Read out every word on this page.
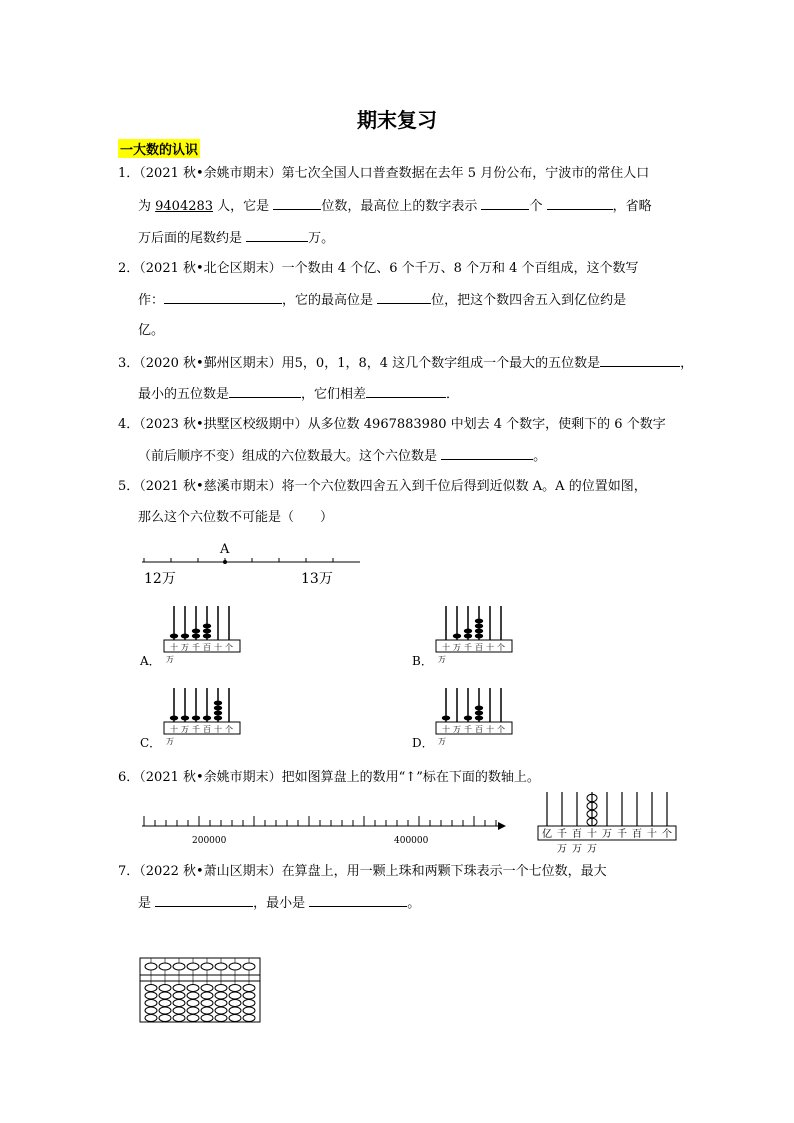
期末复习
一大数的认识
1．（2021 秋•余姚市期末）第七次全国人口普查数据在去年 5 月份公布，宁波市的常住人口
为 9404283 人，它是	位数，最高位上的数字表示	个	，省略
万后面的尾数约是	万。
2．（2021 秋•北仑区期末）一个数由 4 个亿、6 个千万、8 个万和 4 个百组成，这个数写
作：	，它的最高位是	位，把这个数四舍五入到亿位约是
亿。
3．（2020 秋•鄞州区期末）用5，0，1，8，4 这几个数字组成一个最大的五位数是	，
最小的五位数是	，它们相差	．
4．（2023 秋•拱墅区校级期中）从多位数 4967883980 中划去 4 个数字，使剩下的 6 个数字
（前后顺序不变）组成的六位数最大。这个六位数是	。
5．（2021 秋•慈溪市期末）将一个六位数四舍五入到千位后得到近似数 A。A 的位置如图，
那么这个六位数不可能是（　　）
A
12万	13万
A．
十 万 千 百 十 个
万	B．
十 万 千 百 十 个
万
C．
十 万 千 百 十 个
万	D．
十 万 千 百 十 个
万
6．（2021 秋•余姚市期末）把如图算盘上的数用“↑”标在下面的数轴上。
200000	400000
亿 千
万
百
万
十
万
万 千 百 十 个
7．（2022 秋•萧山区期末）在算盘上，用一颗上珠和两颗下珠表示一个七位数，最大
是	，最小是	。
